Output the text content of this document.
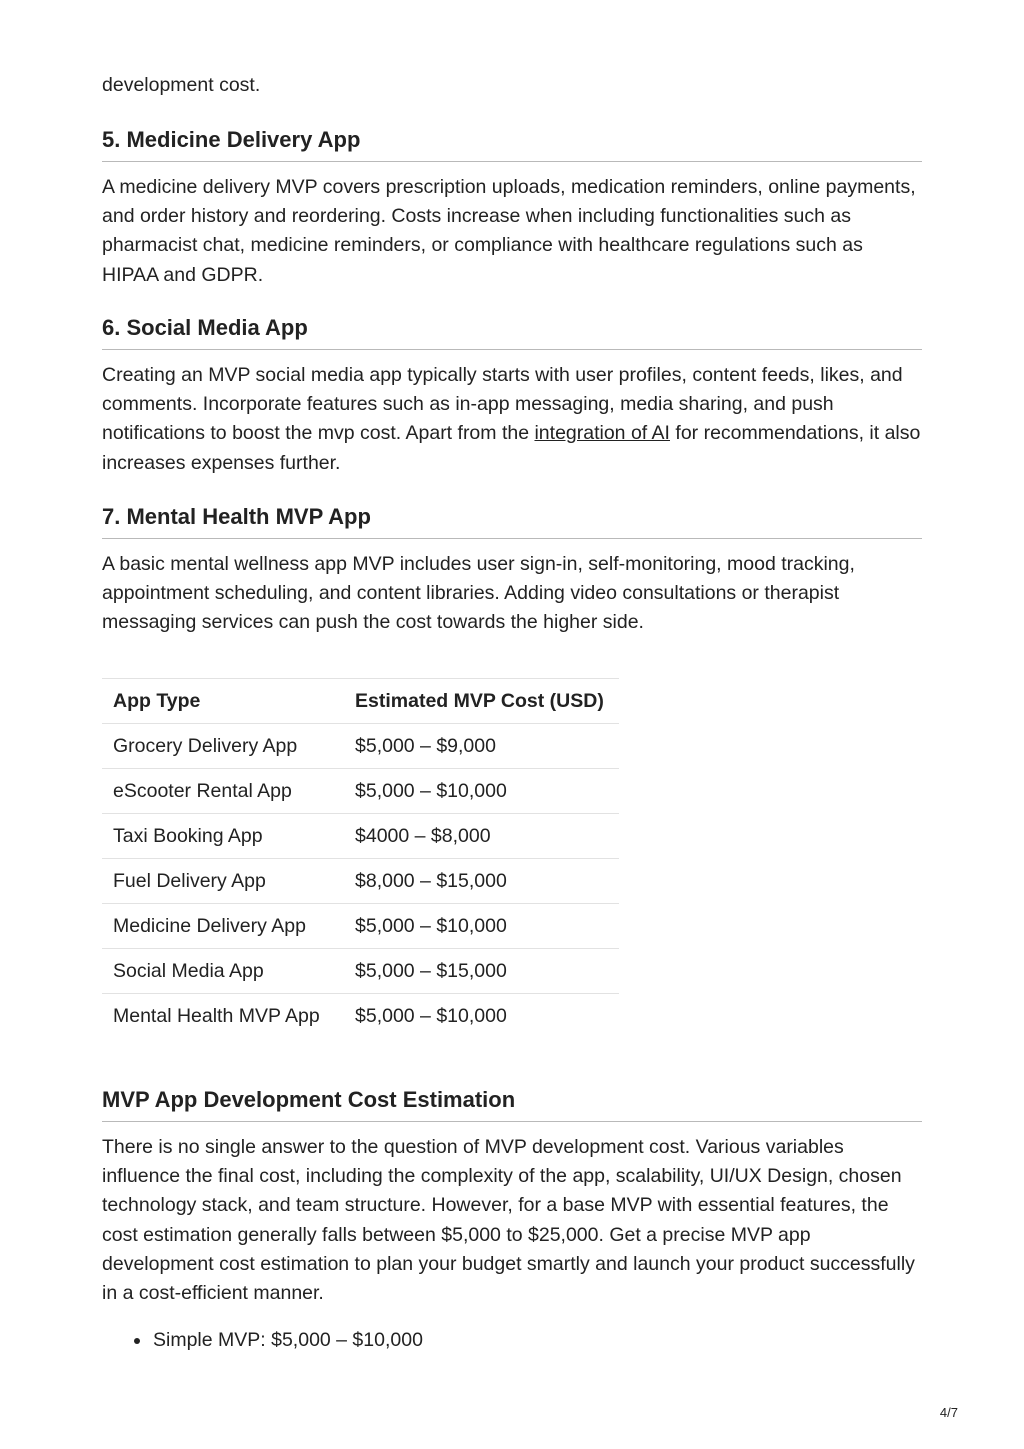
development cost.

5. Medicine Delivery App

A medicine delivery MVP covers prescription uploads, medication reminders, online payments, and order history and reordering. Costs increase when including functionalities such as pharmacist chat, medicine reminders, or compliance with healthcare regulations such as HIPAA and GDPR.

6. Social Media App

Creating an MVP social media app typically starts with user profiles, content feeds, likes, and comments. Incorporate features such as in-app messaging, media sharing, and push notifications to boost the mvp cost. Apart from the integration of AI for recommendations, it also increases expenses further.

7. Mental Health MVP App

A basic mental wellness app MVP includes user sign-in, self-monitoring, mood tracking, appointment scheduling, and content libraries. Adding video consultations or therapist messaging services can push the cost towards the higher side.

App Type	Estimated MVP Cost (USD)
Grocery Delivery App	$5,000 – $9,000
eScooter Rental App	$5,000 – $10,000
Taxi Booking App	$4000 – $8,000
Fuel Delivery App	$8,000 – $15,000
Medicine Delivery App	$5,000 – $10,000
Social Media App	$5,000 – $15,000
Mental Health MVP App	$5,000 – $10,000
MVP App Development Cost Estimation

There is no single answer to the question of MVP development cost. Various variables influence the final cost, including the complexity of the app, scalability, UI/UX Design, chosen technology stack, and team structure. However, for a base MVP with essential features, the cost estimation generally falls between $5,000 to $25,000. Get a precise MVP app development cost estimation to plan your budget smartly and launch your product successfully in a cost-efficient manner.

Simple MVP: $5,000 – $10,000
4/7
